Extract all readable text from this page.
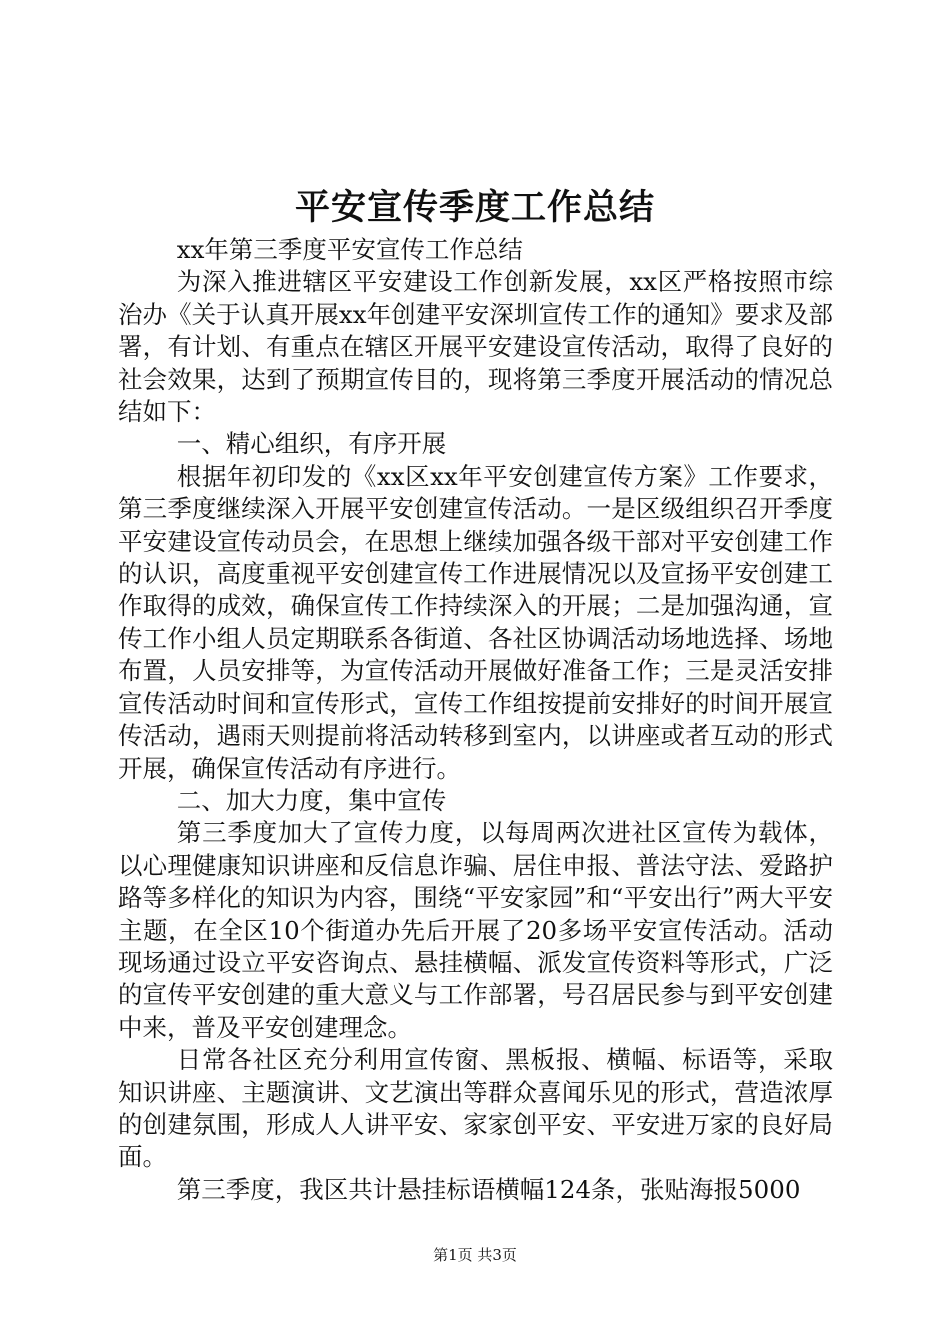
平安宣传季度工作总结

xx年第三季度平安宣传工作总结

为深入推进辖区平安建设工作创新发展，xx区严格按照市综治办《关于认真开展xx年创建平安深圳宣传工作的通知》要求及部署，有计划、有重点在辖区开展平安建设宣传活动，取得了良好的社会效果，达到了预期宣传目的，现将第三季度开展活动的情况总结如下：

一、精心组织，有序开展

根据年初印发的《xx区xx年平安创建宣传方案》工作要求，第三季度继续深入开展平安创建宣传活动。一是区级组织召开季度平安建设宣传动员会，在思想上继续加强各级干部对平安创建工作的认识，高度重视平安创建宣传工作进展情况以及宣扬平安创建工作取得的成效，确保宣传工作持续深入的开展；二是加强沟通，宣传工作小组人员定期联系各街道、各社区协调活动场地选择、场地布置，人员安排等，为宣传活动开展做好准备工作；三是灵活安排宣传活动时间和宣传形式，宣传工作组按提前安排好的时间开展宣传活动，遇雨天则提前将活动转移到室内，以讲座或者互动的形式开展，确保宣传活动有序进行。

二、加大力度，集中宣传

第三季度加大了宣传力度，以每周两次进社区宣传为载体，以心理健康知识讲座和反信息诈骗、居住申报、普法守法、爱路护路等多样化的知识为内容，围绕“平安家园”和“平安出行”两大平安主题，在全区10个街道办先后开展了20多场平安宣传活动。活动现场通过设立平安咨询点、悬挂横幅、派发宣传资料等形式，广泛的宣传平安创建的重大意义与工作部署，号召居民参与到平安创建中来，普及平安创建理念。

日常各社区充分利用宣传窗、黑板报、横幅、标语等，采取知识讲座、主题演讲、文艺演出等群众喜闻乐见的形式，营造浓厚的创建氛围，形成人人讲平安、家家创平安、平安进万家的良好局面。

第三季度，我区共计悬挂标语横幅124条，张贴海报5000

第1页 共3页
